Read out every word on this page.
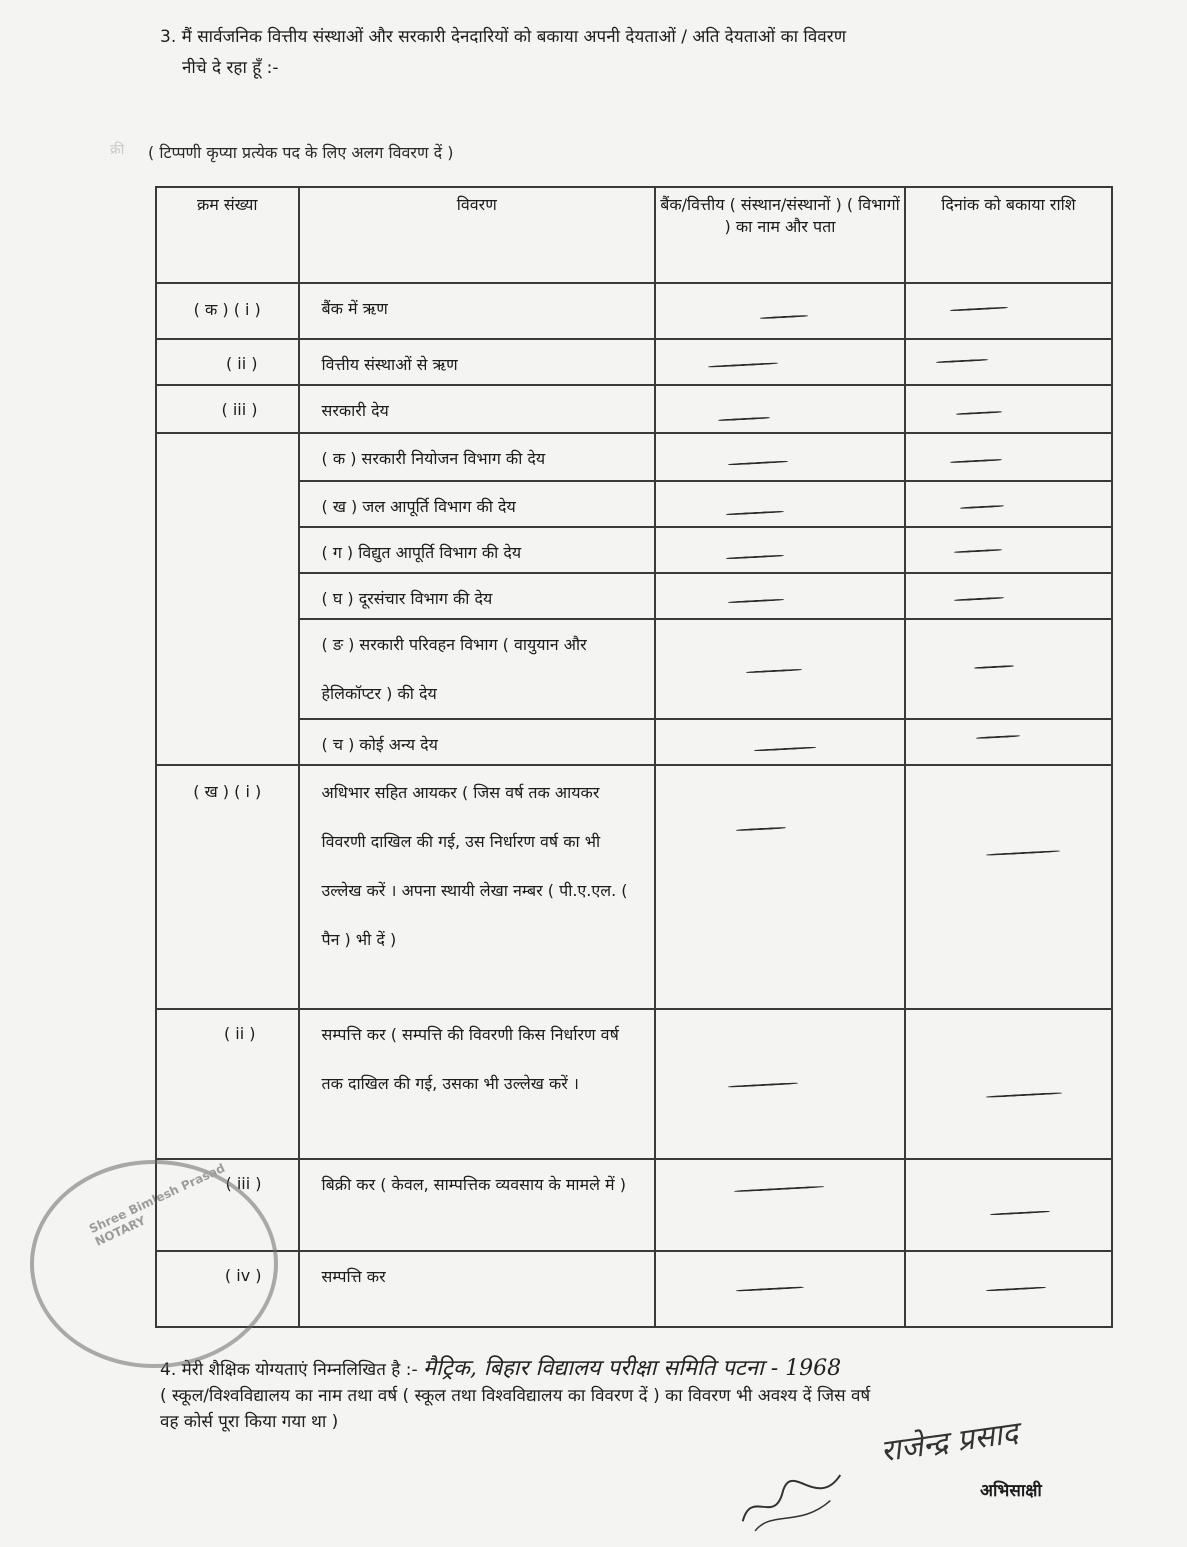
क्री
3. मैं सार्वजनिक वित्तीय संस्थाओं और सरकारी देनदारियों को बकाया अपनी देयताओं / अति देयताओं का विवरण
नीचे दे रहा हूँ :-
( टिप्पणी कृप्या प्रत्येक पद के लिए अलग विवरण दें )
क्रम संख्या	विवरण	बैंक/वित्तीय ( संस्थान/संस्थानों ) ( विभागों ) का नाम और पता	दिनांक को बकाया राशि
( क ) ( i )	बैंक में ऋण	

( ii )	वित्तीय संस्थाओं से ऋण	

( iii )	सरकारी देय	

	( क ) सरकारी नियोजन विभाग की देय	

	( ख ) जल आपूर्ति विभाग की देय	

	( ग ) विद्युत आपूर्ति विभाग की देय	

	( घ ) दूरसंचार विभाग की देय	

	( ङ ) सरकारी परिवहन विभाग ( वायुयान और हेलिकॉप्टर ) की देय	

	( च ) कोई अन्य देय	

( ख ) ( i )	अधिभार सहित आयकर ( जिस वर्ष तक आयकर विवरणी दाखिल की गई, उस निर्धारण वर्ष का भी उल्लेख करें । अपना स्थायी लेखा नम्बर ( पी.ए.एल. ( पैन ) भी दें )	

( ii )	सम्पत्ति कर ( सम्पत्ति की विवरणी किस निर्धारण वर्ष तक दाखिल की गई, उसका भी उल्लेख करें ।	

( iii )	बिक्री कर ( केवल, साम्पत्तिक व्यवसाय के मामले में )	

( iv )	सम्पत्ति कर	

4. मेरी शैक्षिक योग्यताएं निम्नलिखित है :- मैट्रिक, बिहार विद्यालय परीक्षा समिति पटना - 1968
( स्कूल/विश्वविद्यालय का नाम तथा वर्ष ( स्कूल तथा विश्वविद्यालय का विवरण दें ) का विवरण भी अवश्य दें जिस वर्ष
वह कोर्स पूरा किया गया था )	राजेन्द्र प्रसाद
अभिसाक्षी
Shree Bimlesh Prasad NOTARY
